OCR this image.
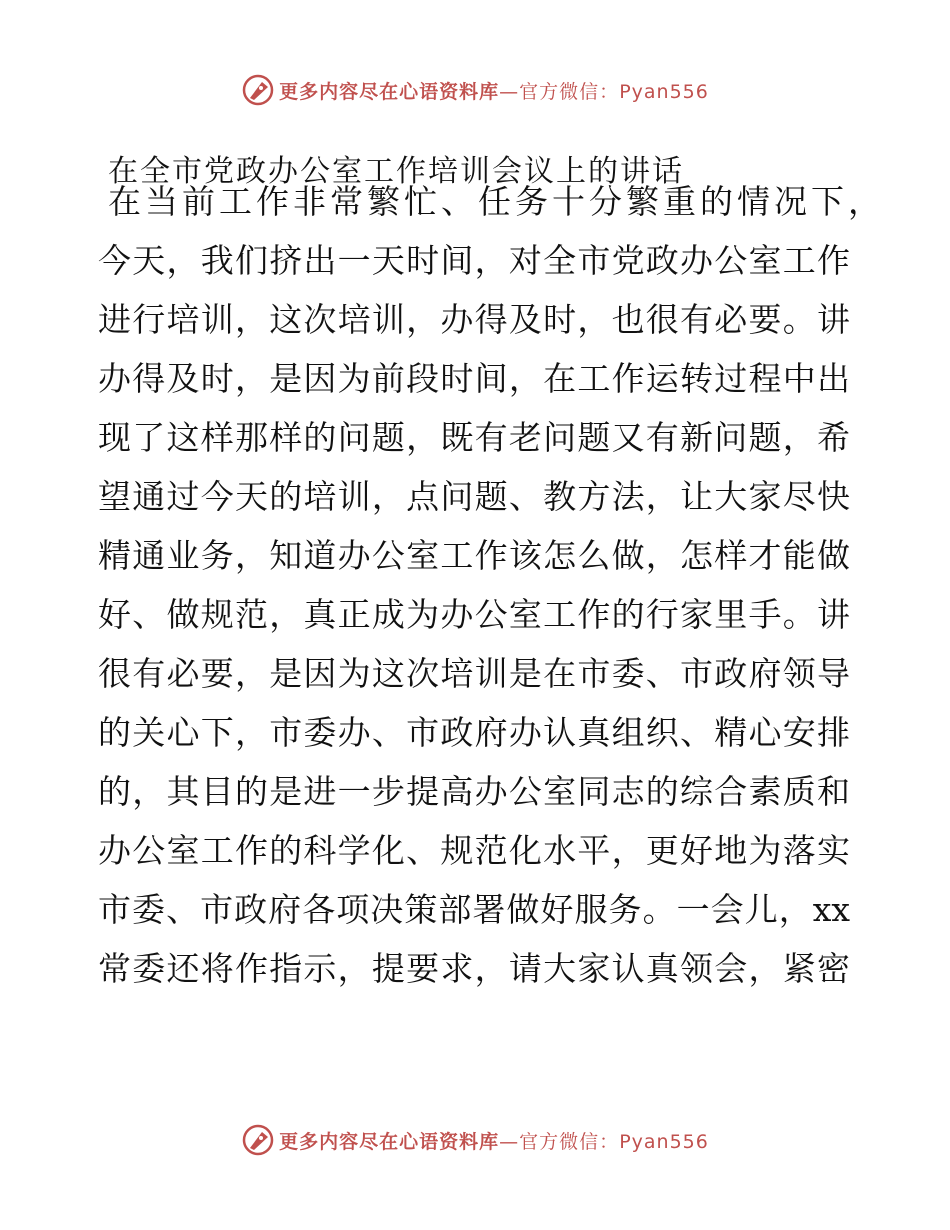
更多内容尽在心语资料库—官方微信：Pyan556
在全市党政办公室工作培训会议上的讲话
在当前工作非常繁忙、任务十分繁重的情况下，
今天，我们挤出一天时间，对全市党政办公室工作
进行培训，这次培训，办得及时，也很有必要。讲
办得及时，是因为前段时间，在工作运转过程中出
现了这样那样的问题，既有老问题又有新问题，希
望通过今天的培训，点问题、教方法，让大家尽快
精通业务，知道办公室工作该怎么做，怎样才能做
好、做规范，真正成为办公室工作的行家里手。讲
很有必要，是因为这次培训是在市委、市政府领导
的关心下，市委办、市政府办认真组织、精心安排
的，其目的是进一步提高办公室同志的综合素质和
办公室工作的科学化、规范化水平，更好地为落实
市委、市政府各项决策部署做好服务。一会儿，xx
常委还将作指示，提要求，请大家认真领会，紧密
更多内容尽在心语资料库—官方微信：Pyan556
